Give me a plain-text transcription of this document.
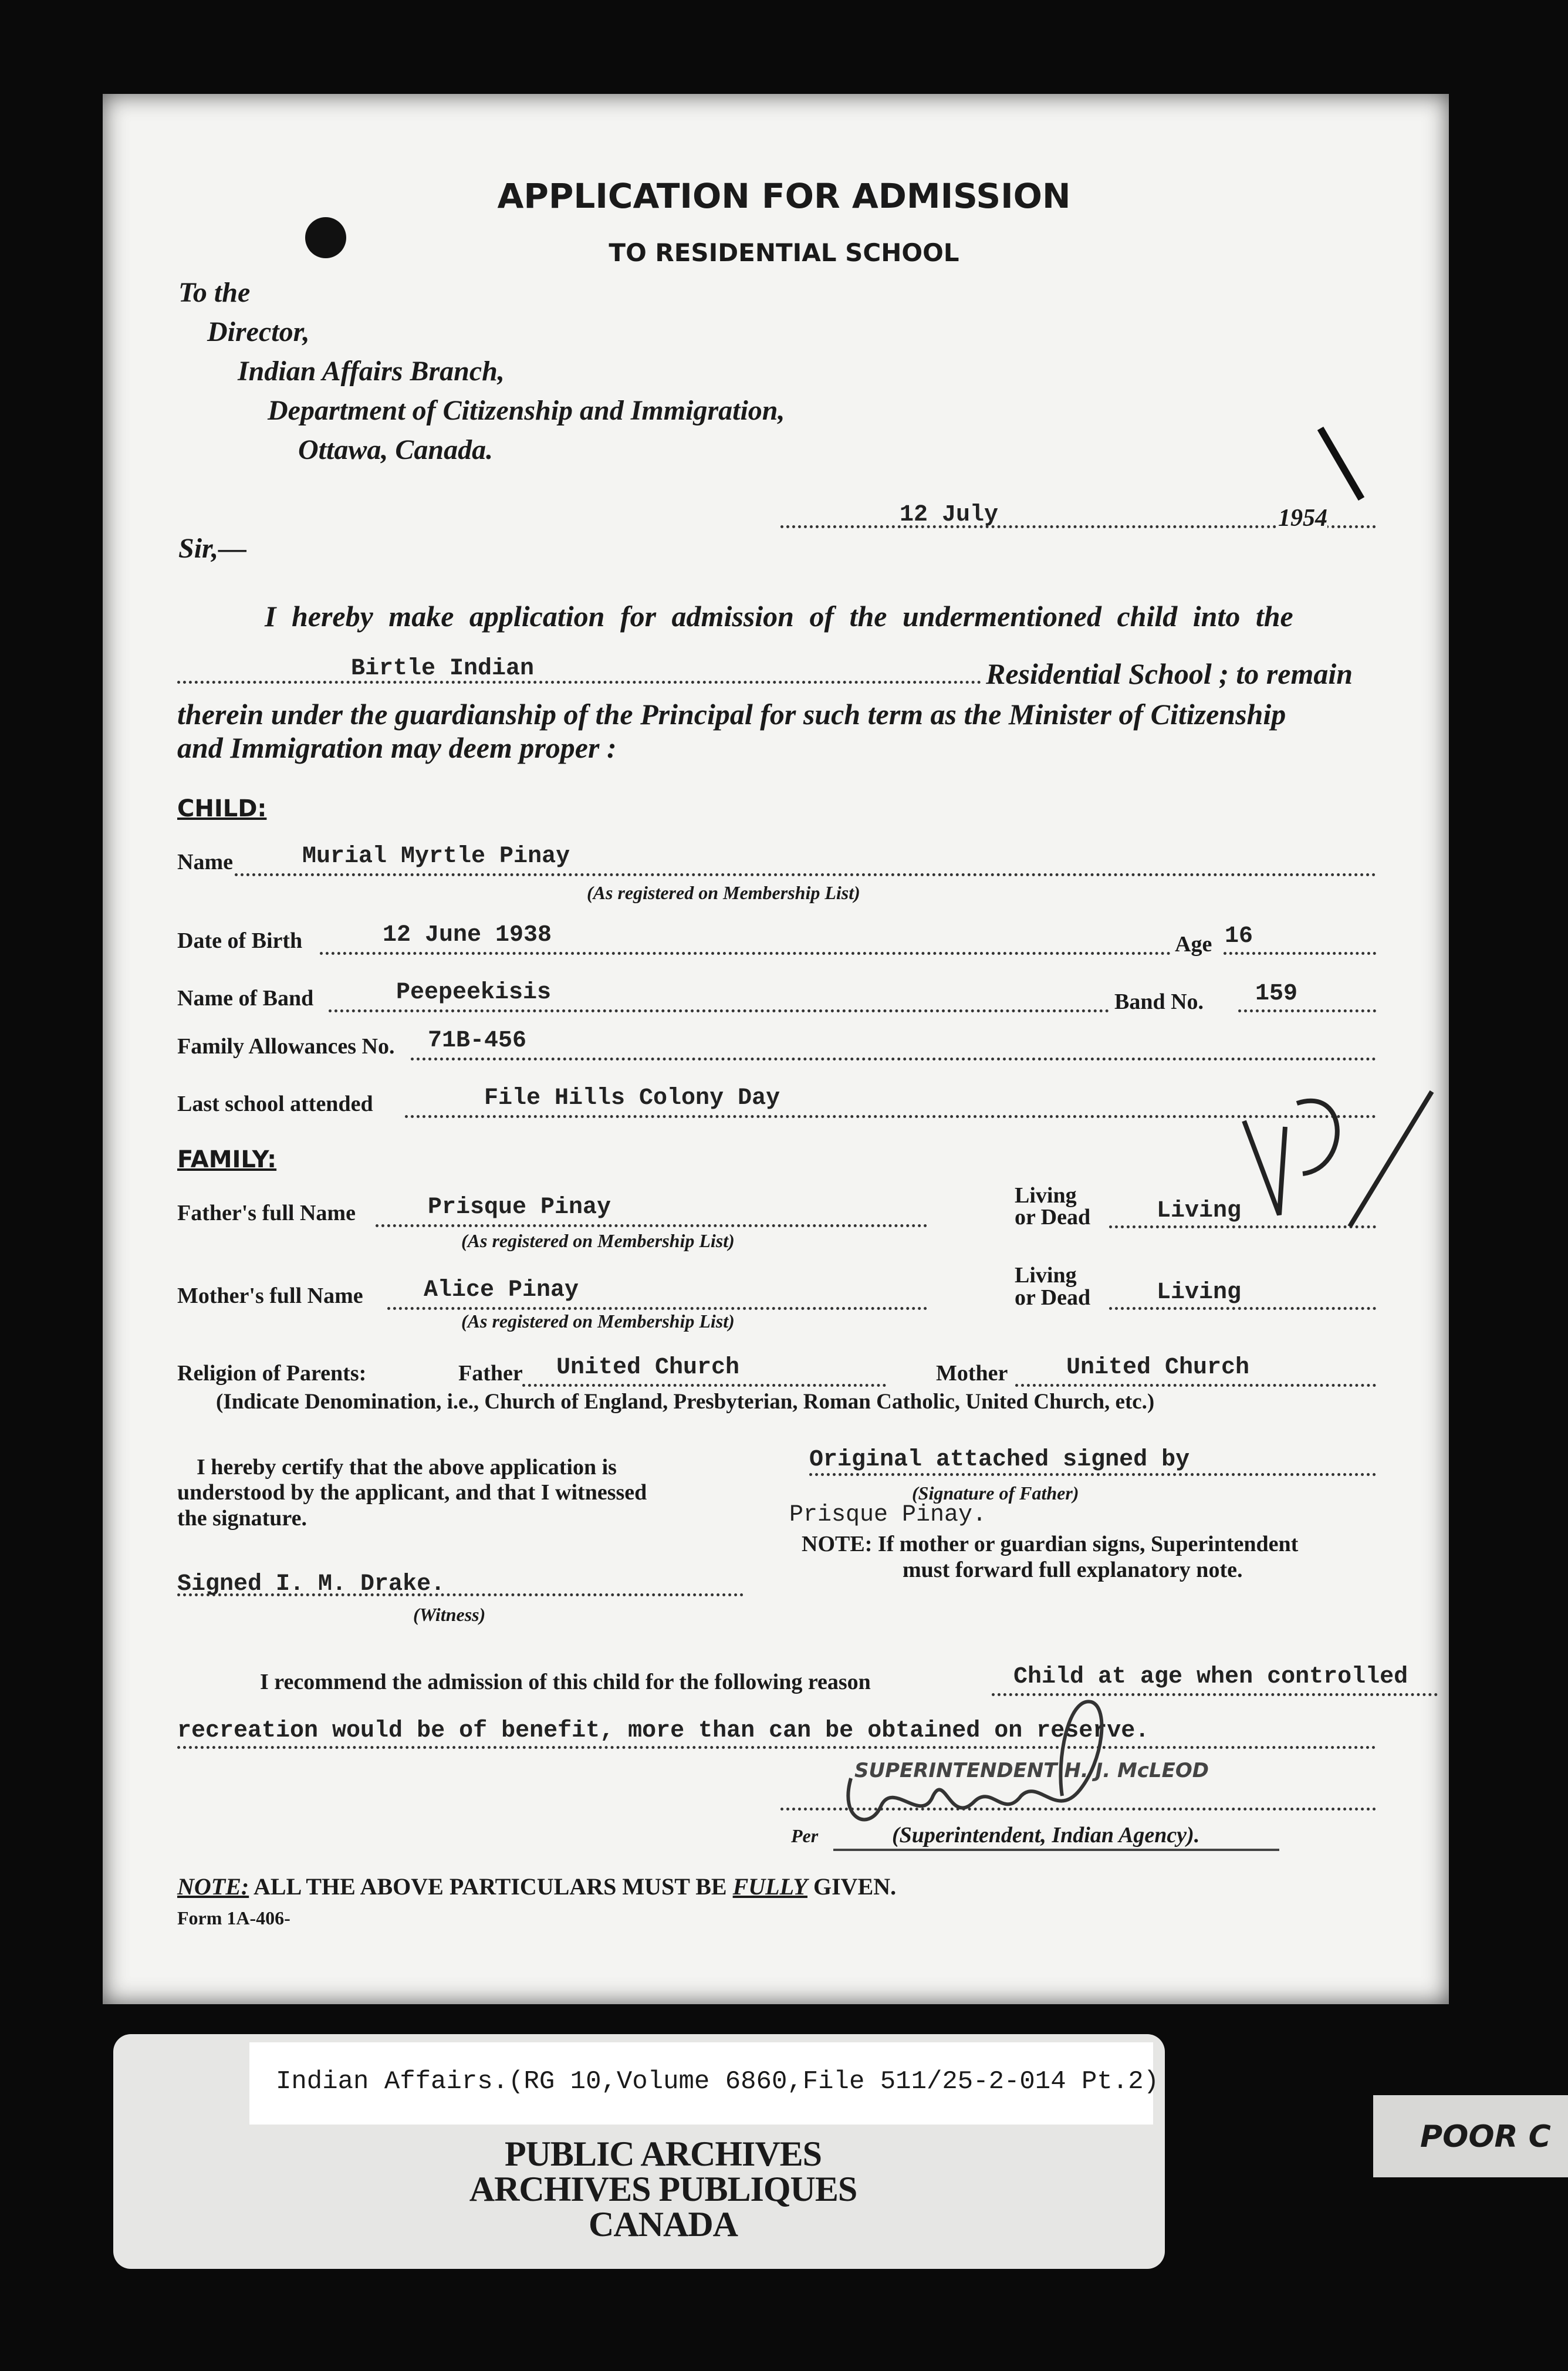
APPLICATION FOR ADMISSION
TO RESIDENTIAL SCHOOL
To the
Director,
Indian Affairs Branch,
Department of Citizenship and Immigration,
Ottawa, Canada.
12 July	1954
Sir,—
I hereby make application for admission of the undermentioned child into the
Birtle Indian	Residential School ; to remain
therein under the guardianship of the Principal for such term as the Minister of Citizenship
and Immigration may deem proper :
CHILD:
Name	Murial Myrtle Pinay
(As registered on Membership List)
Date of Birth	12 June 1938	Age 16
Name of Band	Peepeekisis	Band No. 159
Family Allowances No. 71B-456
Last school attended	File Hills Colony Day
FAMILY:
Father's full Name	Prisque Pinay
(As registered on Membership List)
Living
or Dead	Living
Mother's full Name	Alice Pinay
(As registered on Membership List)
Living
or Dead	Living
Religion of Parents:	Father United Church	Mother United Church
(Indicate Denomination, i.e., Church of England, Presbyterian, Roman Catholic, United Church, etc.)
I hereby certify that the above application is
understood by the applicant, and that I witnessed
the signature.
Signed I. M. Drake.
(Witness)
Original attached signed by
(Signature of Father)
Prisque Pinay.
NOTE: If mother or guardian signs, Superintendent
must forward full explanatory note.
I recommend the admission of this child for the following reason	Child at age when controlled
recreation would be of benefit, more than can be obtained on reserve.
SUPERINTENDENT H. J. McLEOD
Per	(Superintendent, Indian Agency).
NOTE: ALL THE ABOVE PARTICULARS MUST BE FULLY GIVEN.
Form 1A-406-
Indian Affairs.(RG 10,Volume 6860,File 511/25-2-014 Pt.2)
PUBLIC ARCHIVES
ARCHIVES PUBLIQUES
CANADA
POOR C
